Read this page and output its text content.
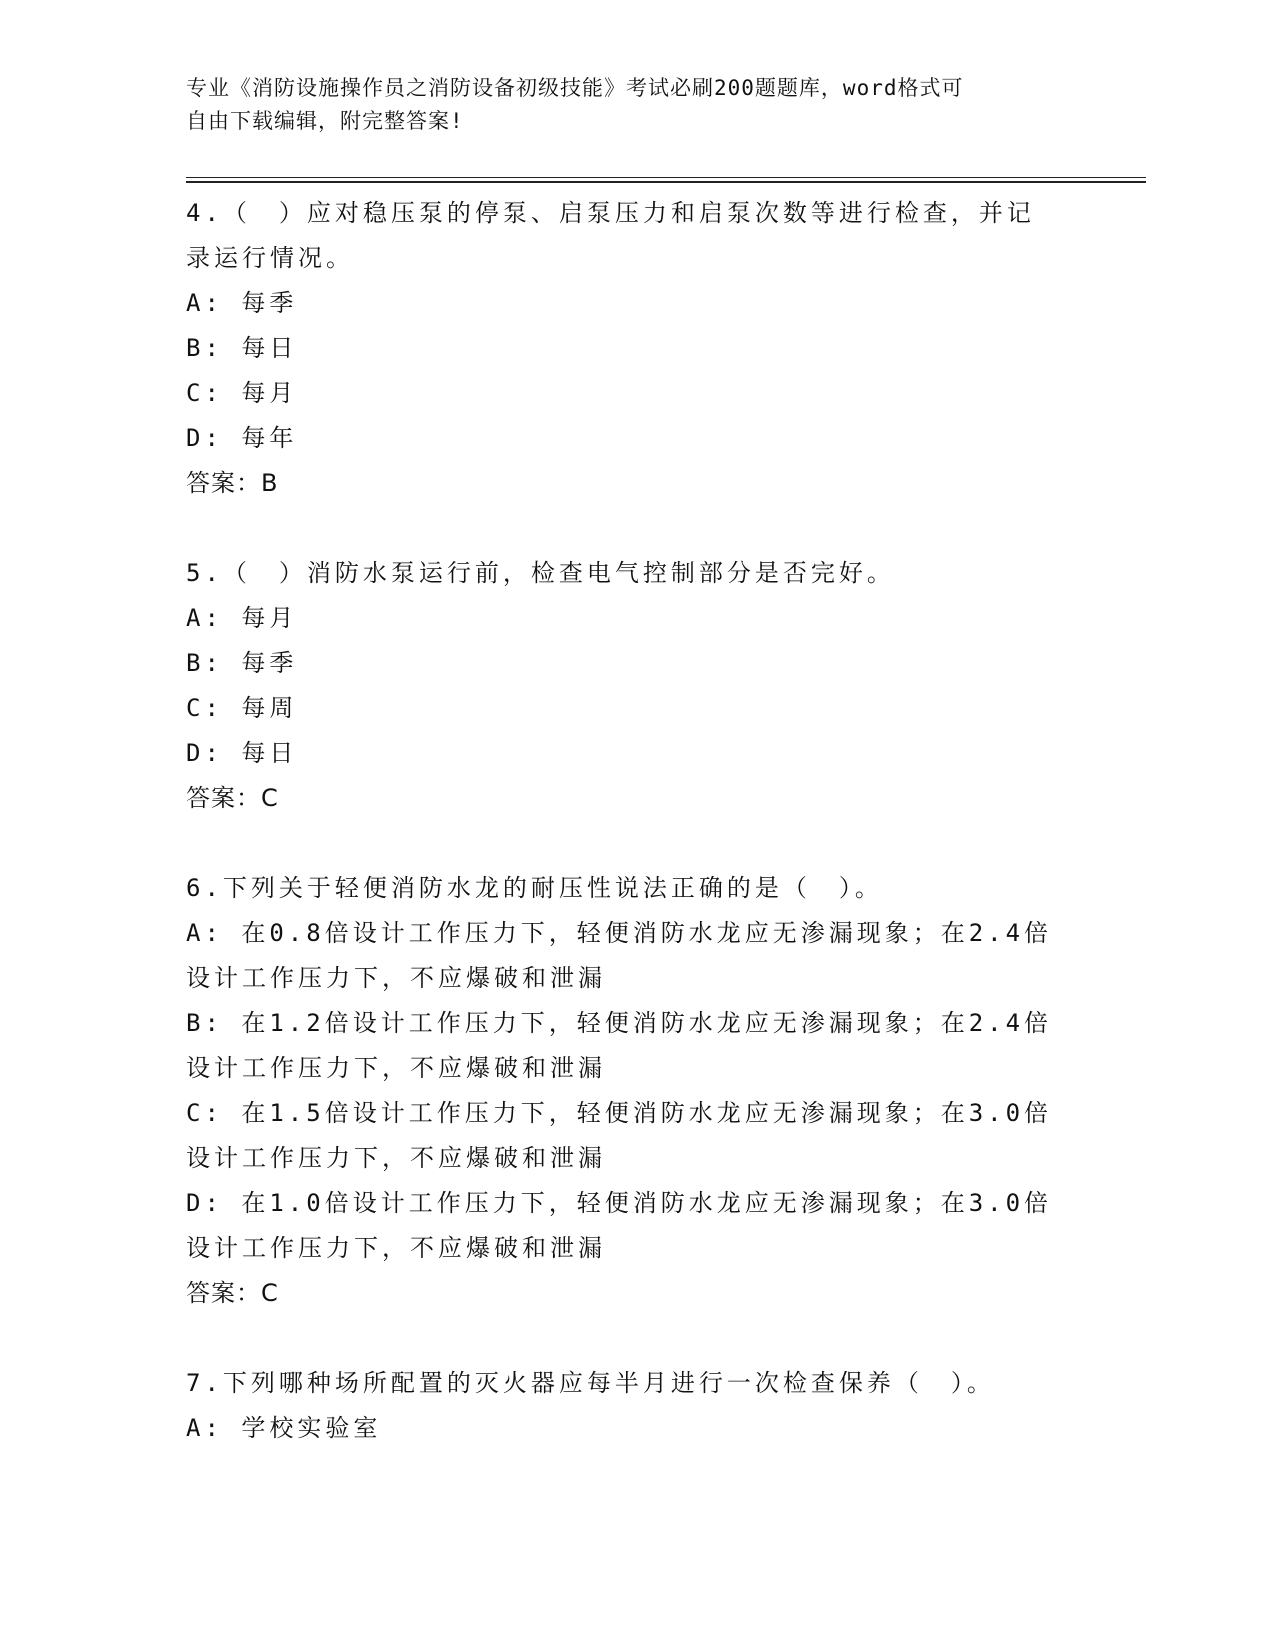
专业《消防设施操作员之消防设备初级技能》考试必刷200题题库，word格式可
自由下载编辑，附完整答案!
4.（　）应对稳压泵的停泵、启泵压力和启泵次数等进行检查，并记
录运行情况。
A: 每季
B: 每日
C: 每月
D: 每年
答案：B
5.（　）消防水泵运行前，检查电气控制部分是否完好。
A: 每月
B: 每季
C: 每周
D: 每日
答案：C
6.下列关于轻便消防水龙的耐压性说法正确的是（　）。
A: 在0.8倍设计工作压力下，轻便消防水龙应无渗漏现象；在2.4倍
设计工作压力下，不应爆破和泄漏
B: 在1.2倍设计工作压力下，轻便消防水龙应无渗漏现象；在2.4倍
设计工作压力下，不应爆破和泄漏
C: 在1.5倍设计工作压力下，轻便消防水龙应无渗漏现象；在3.0倍
设计工作压力下，不应爆破和泄漏
D: 在1.0倍设计工作压力下，轻便消防水龙应无渗漏现象；在3.0倍
设计工作压力下，不应爆破和泄漏
答案：C
7.下列哪种场所配置的灭火器应每半月进行一次检查保养（　）。
A: 学校实验室
